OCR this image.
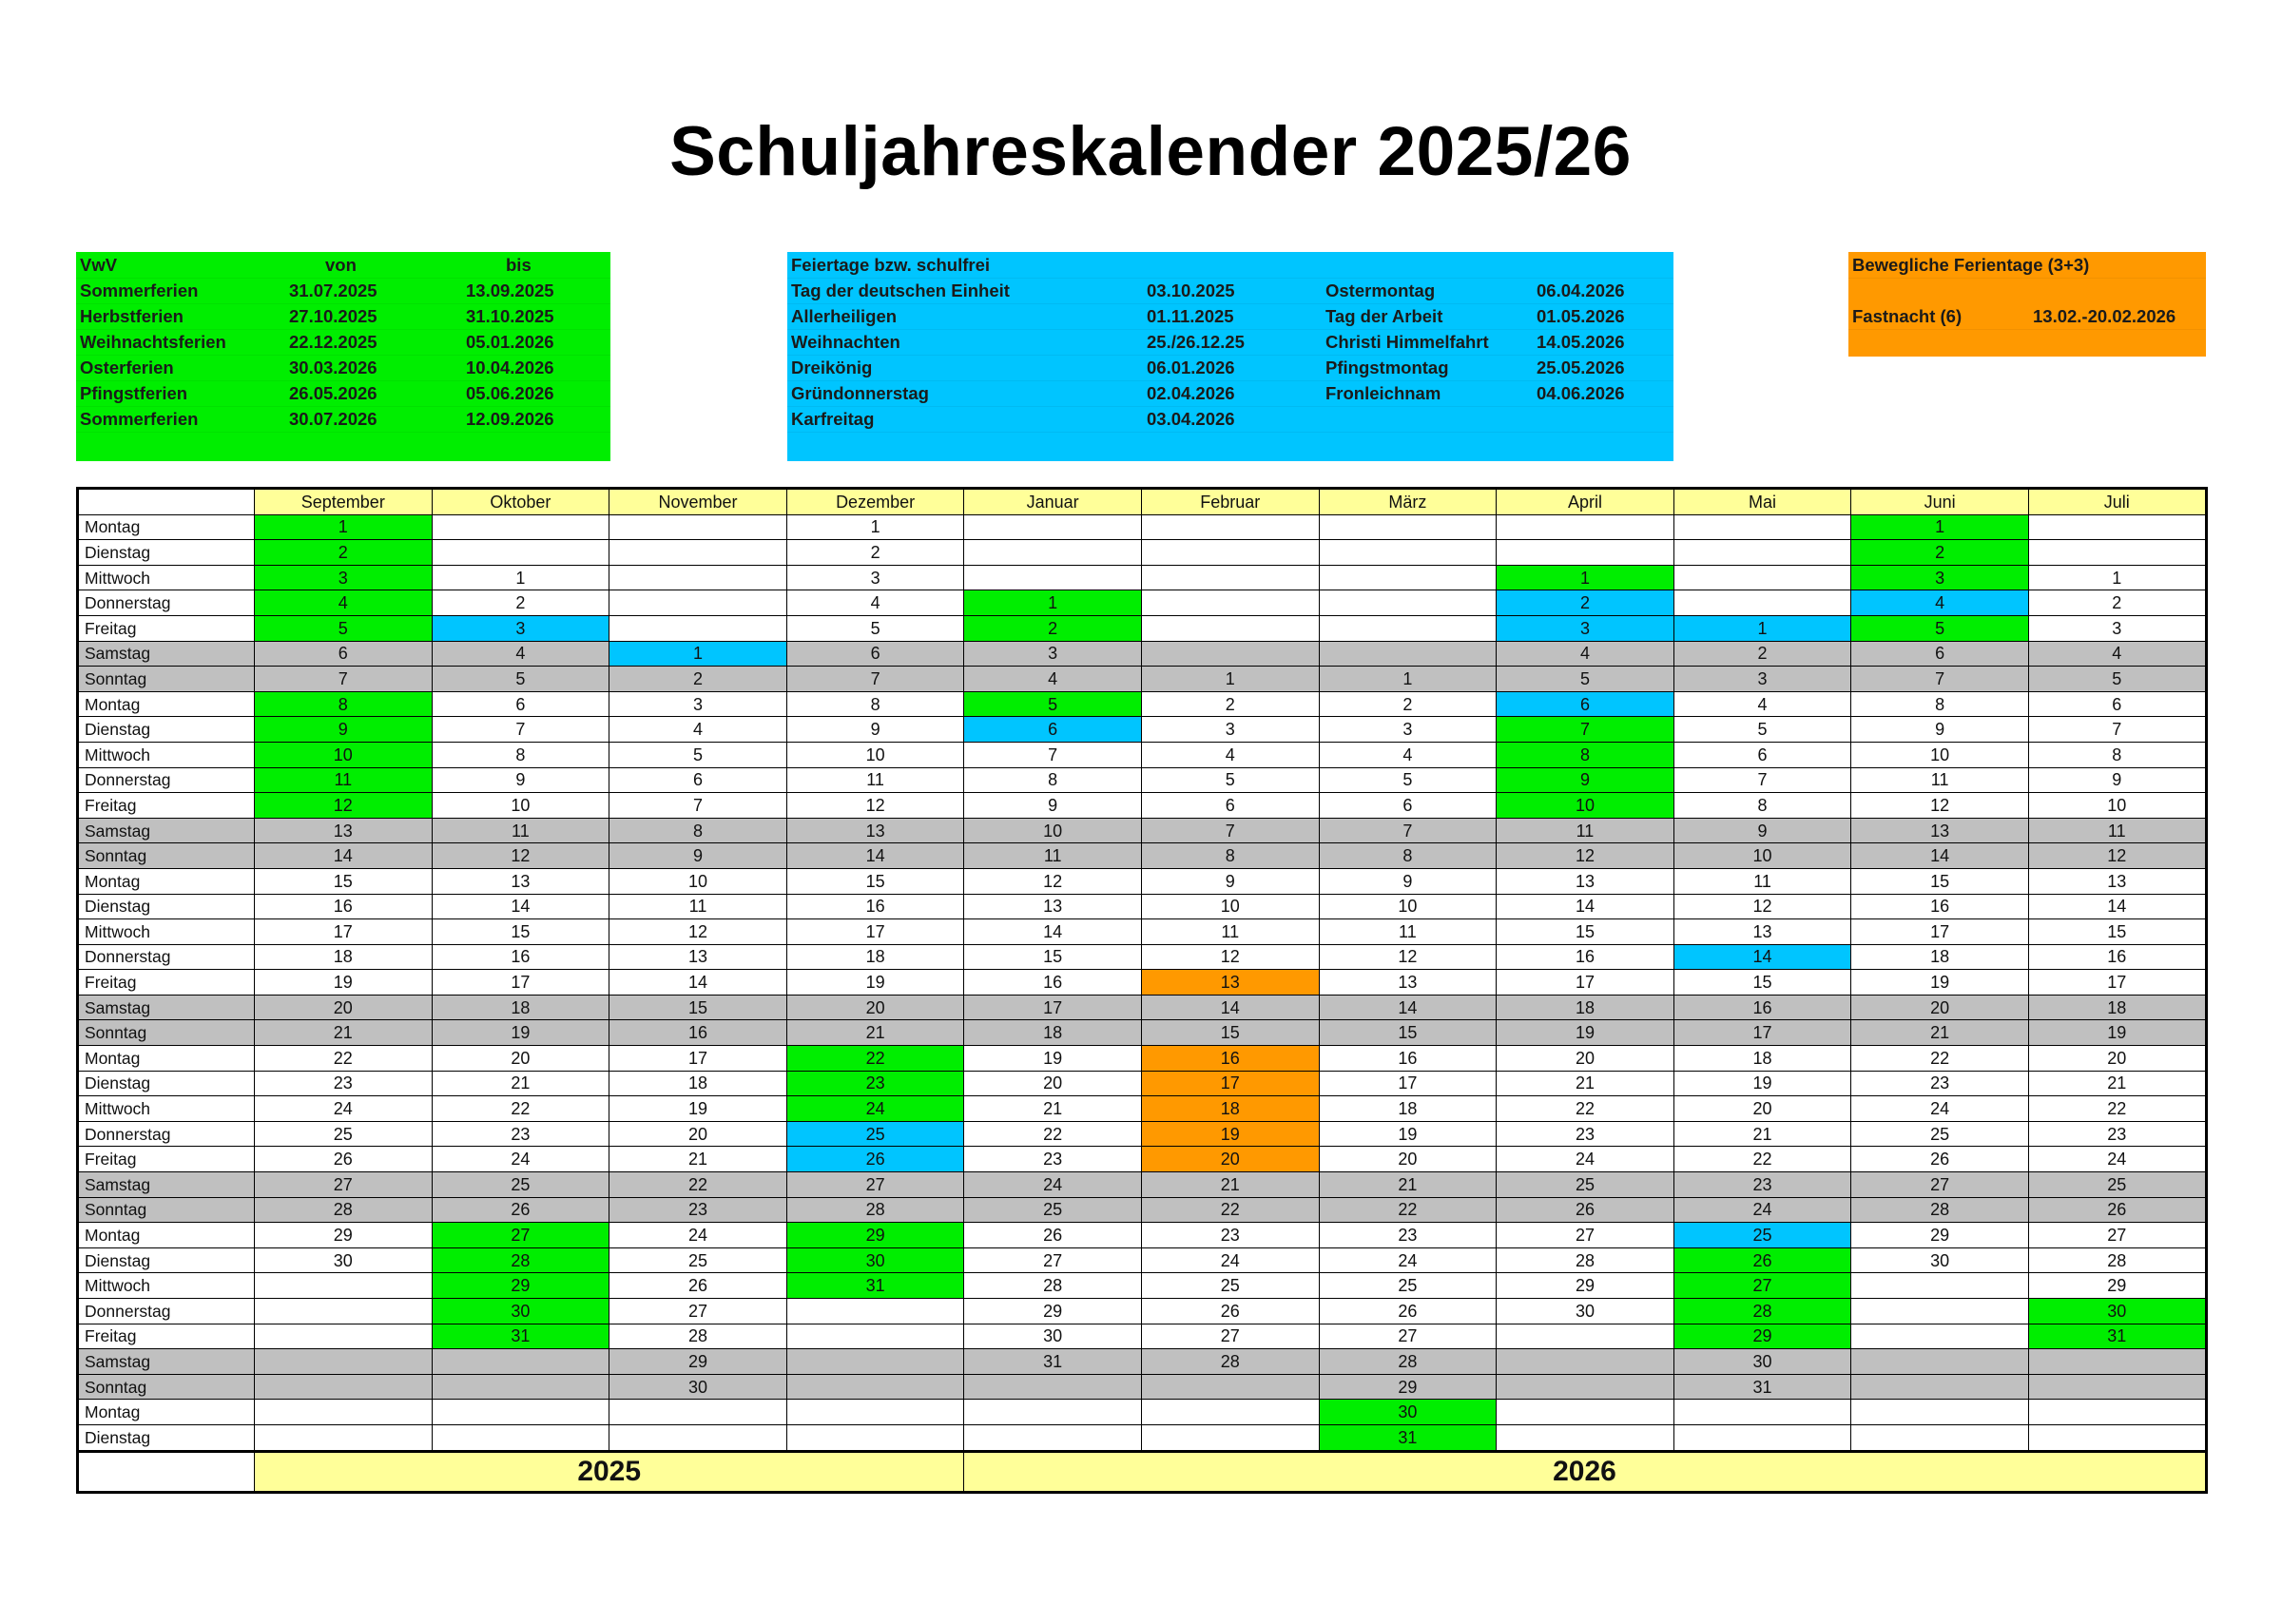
Schuljahreskalender 2025/26
VwV	von	bis
Sommerferien	31.07.2025	13.09.2025
Herbstferien	27.10.2025	31.10.2025
Weihnachtsferien	22.12.2025	05.01.2026
Osterferien	30.03.2026	10.04.2026
Pfingstferien	26.05.2026	05.06.2026
Sommerferien	30.07.2026	12.09.2026
Feiertage bzw. schulfrei
Tag der deutschen Einheit	03.10.2025	Ostermontag	06.04.2026
Allerheiligen	01.11.2025	Tag der Arbeit	01.05.2026
Weihnachten	25./26.12.25	Christi Himmelfahrt	14.05.2026
Dreikönig	06.01.2026	Pfingstmontag	25.05.2026
Gründonnerstag	02.04.2026	Fronleichnam	04.06.2026
Karfreitag	03.04.2026
Bewegliche Ferientage (3+3)
Fastnacht (6)	13.02.-20.02.2026
	September	Oktober	November	Dezember	Januar	Februar	März	April	Mai	Juni	Juli
Montag	1			1						1	
Dienstag	2			2						2	
Mittwoch	3	1		3				1		3	1
Donnerstag	4	2		4	1			2		4	2
Freitag	5	3		5	2			3	1	5	3
Samstag	6	4	1	6	3			4	2	6	4
Sonntag	7	5	2	7	4	1	1	5	3	7	5
Montag	8	6	3	8	5	2	2	6	4	8	6
Dienstag	9	7	4	9	6	3	3	7	5	9	7
Mittwoch	10	8	5	10	7	4	4	8	6	10	8
Donnerstag	11	9	6	11	8	5	5	9	7	11	9
Freitag	12	10	7	12	9	6	6	10	8	12	10
Samstag	13	11	8	13	10	7	7	11	9	13	11
Sonntag	14	12	9	14	11	8	8	12	10	14	12
Montag	15	13	10	15	12	9	9	13	11	15	13
Dienstag	16	14	11	16	13	10	10	14	12	16	14
Mittwoch	17	15	12	17	14	11	11	15	13	17	15
Donnerstag	18	16	13	18	15	12	12	16	14	18	16
Freitag	19	17	14	19	16	13	13	17	15	19	17
Samstag	20	18	15	20	17	14	14	18	16	20	18
Sonntag	21	19	16	21	18	15	15	19	17	21	19
Montag	22	20	17	22	19	16	16	20	18	22	20
Dienstag	23	21	18	23	20	17	17	21	19	23	21
Mittwoch	24	22	19	24	21	18	18	22	20	24	22
Donnerstag	25	23	20	25	22	19	19	23	21	25	23
Freitag	26	24	21	26	23	20	20	24	22	26	24
Samstag	27	25	22	27	24	21	21	25	23	27	25
Sonntag	28	26	23	28	25	22	22	26	24	28	26
Montag	29	27	24	29	26	23	23	27	25	29	27
Dienstag	30	28	25	30	27	24	24	28	26	30	28
Mittwoch		29	26	31	28	25	25	29	27		29
Donnerstag		30	27		29	26	26	30	28		30
Freitag		31	28		30	27	27		29		31
Samstag			29		31	28	28		30		
Sonntag			30				29		31		
Montag							30				
Dienstag							31				
	2025				2026						
